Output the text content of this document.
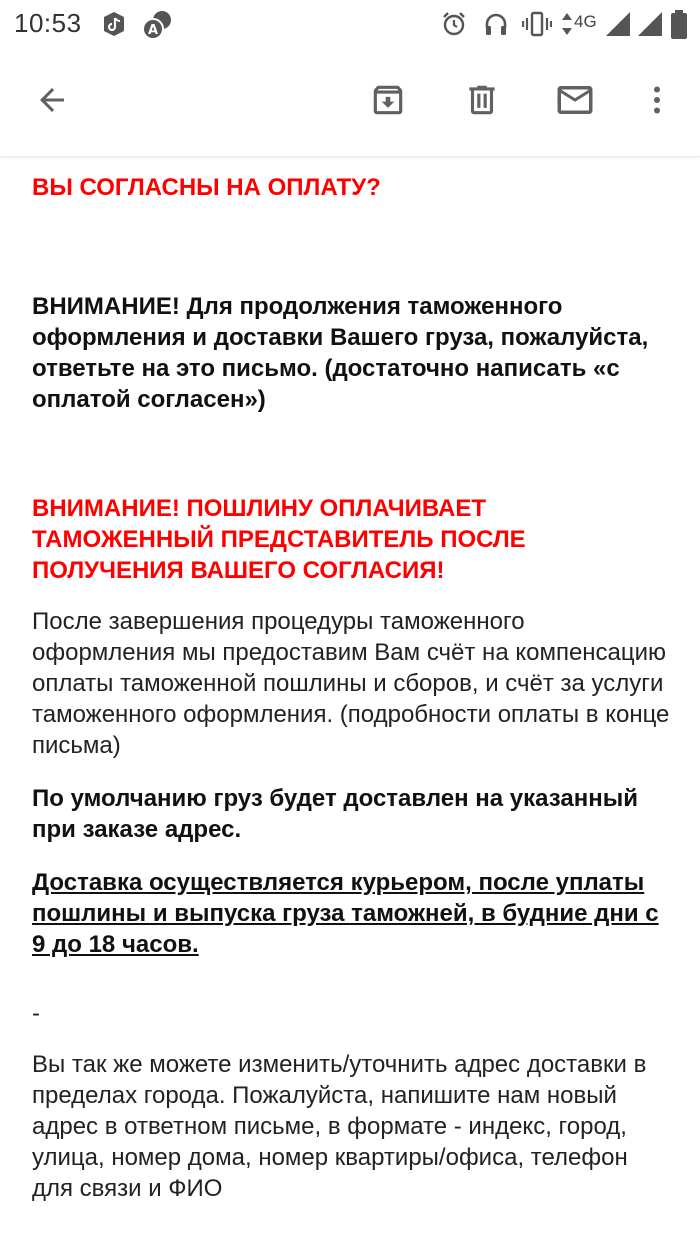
10:53	A	4G

ВЫ СОГЛАСНЫ НА ОПЛАТУ?

ВНИМАНИЕ! Для продолжения таможенного оформления и доставки Вашего груза, пожалуйста, ответьте на это письмо. (достаточно написать «с оплатой согласен»)

ВНИМАНИЕ! ПОШЛИНУ ОПЛАЧИВАЕТ ТАМОЖЕННЫЙ ПРЕДСТАВИТЕЛЬ ПОСЛЕ ПОЛУЧЕНИЯ ВАШЕГО СОГЛАСИЯ!

После завершения процедуры таможенного оформления мы предоставим Вам счёт на компенсацию оплаты таможенной пошлины и сборов, и счёт за услуги таможенного оформления. (подробности оплаты в конце письма)

По умолчанию груз будет доставлен на указанный при заказе адрес.

Доставка осуществляется курьером, после уплаты пошлины и выпуска груза таможней, в будние дни с 9 до 18 часов.

-

Вы так же можете изменить/уточнить адрес доставки в пределах города. Пожалуйста, напишите нам новый адрес в ответном письме, в формате - индекс, город, улица, номер дома, номер квартиры/офиса, телефон для связи и ФИО
